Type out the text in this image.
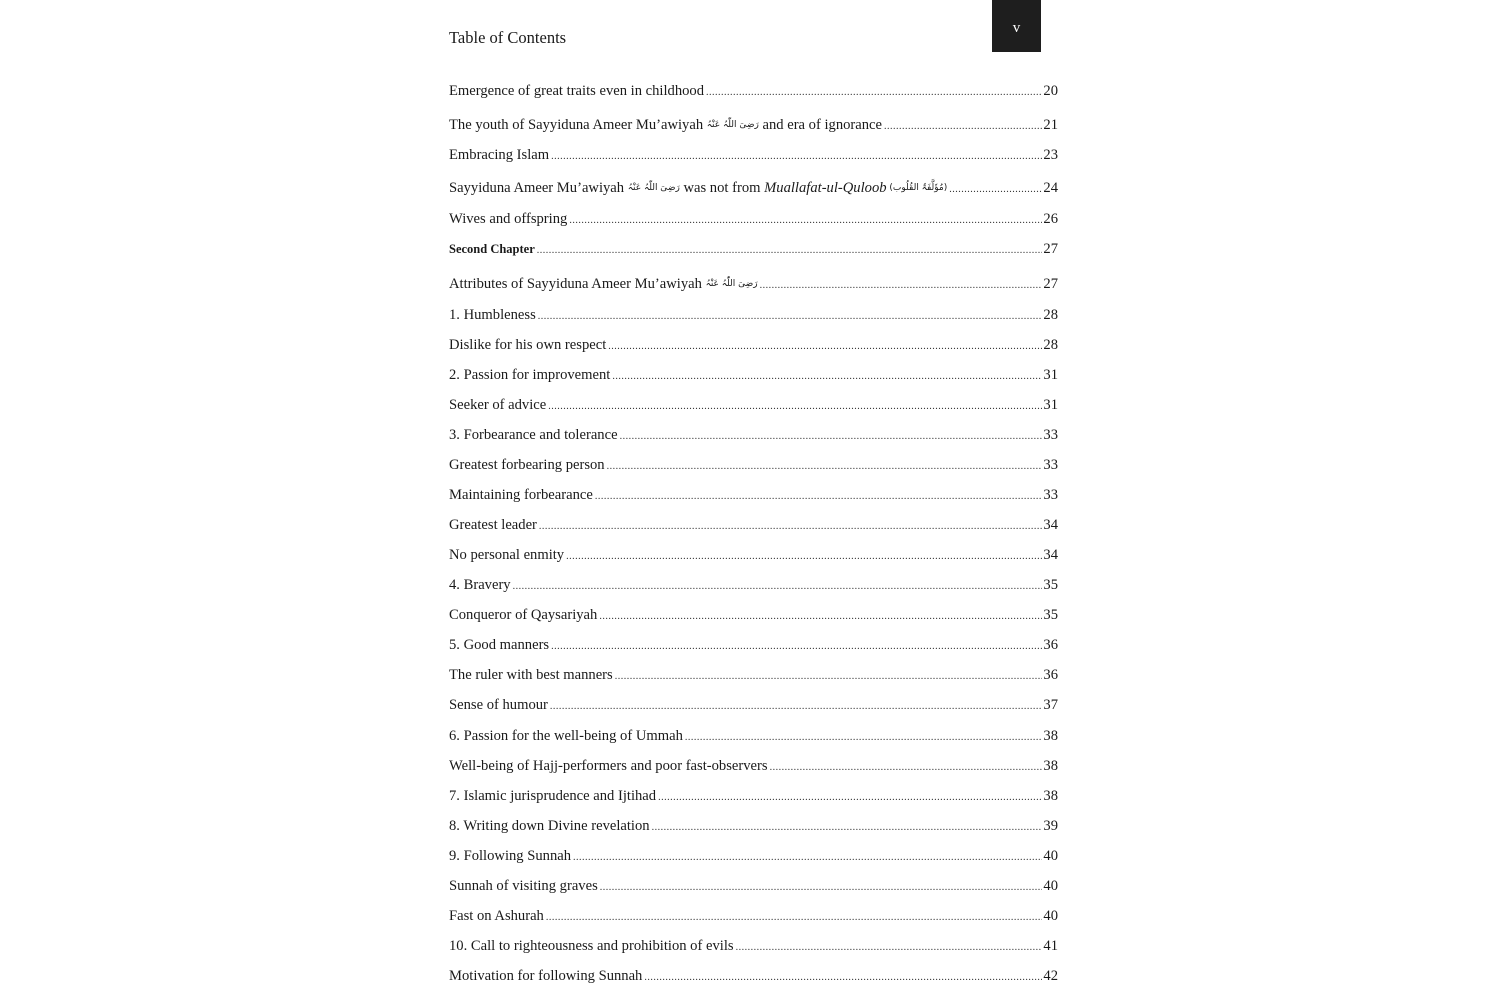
Table of Contents
v
Emergence of great traits even in childhood .....	20
The youth of Sayyiduna Ameer Mu’awiyah رَضِیَ اللّٰہُ عَنْہُ and era of ignorance .....	21
Embracing Islam .....	23
Sayyiduna Ameer Mu’awiyah رَضِیَ اللّٰہُ عَنْہُ was not from Muallafat-ul-Quloob (مُؤَلَّفَۃُ القُلُوب) .....	24
Wives and offspring .....	26
Second Chapter .....	27
Attributes of Sayyiduna Ameer Mu’awiyah رَضِیَ اللّٰہُ عَنْہُ .....	27
1. Humbleness .....	28
Dislike for his own respect .....	28
2. Passion for improvement .....	31
Seeker of advice .....	31
3. Forbearance and tolerance .....	33
Greatest forbearing person .....	33
Maintaining forbearance .....	33
Greatest leader .....	34
No personal enmity .....	34
4. Bravery .....	35
Conqueror of Qaysariyah .....	35
5. Good manners .....	36
The ruler with best manners .....	36
Sense of humour .....	37
6. Passion for the well-being of Ummah .....	38
Well-being of Hajj-performers and poor fast-observers .....	38
7. Islamic jurisprudence and Ijtihad .....	38
8. Writing down Divine revelation .....	39
9. Following Sunnah .....	40
Sunnah of visiting graves .....	40
Fast on Ashurah .....	40
10. Call to righteousness and prohibition of evils .....	41
Motivation for following Sunnah .....	42
